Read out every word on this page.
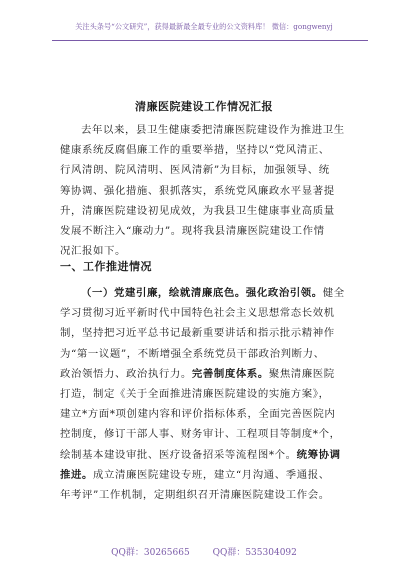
关注头条号“公文研究”，获得最新最全最专业的公文资料库！ 微信：gongwenyj
清廉医院建设工作情况汇报
去年以来，县卫生健康委把清廉医院建设作为推进卫生
健康系统反腐倡廉工作的重要举措，坚持以“党风清正、
行风清朗、院风清明、医风清新”为目标，加强领导、统
筹协调、强化措施、狠抓落实，系统党风廉政水平显著提
升，清廉医院建设初见成效，为我县卫生健康事业高质量
发展不断注入“廉动力”。现将我县清廉医院建设工作情
况汇报如下。
一、工作推进情况
（一）党建引廉，绘就清廉底色。强化政治引领。健全
学习贯彻习近平新时代中国特色社会主义思想常态长效机
制，坚持把习近平总书记最新重要讲话和指示批示精神作
为“第一议题”，不断增强全系统党员干部政治判断力、
政治领悟力、政治执行力。完善制度体系。聚焦清廉医院
打造，制定《关于全面推进清廉医院建设的实施方案》，
建立*方面*项创建内容和评价指标体系，全面完善医院内
控制度，修订干部人事、财务审计、工程项目等制度*个，
绘制基本建设审批、医疗设备招采等流程图*个。统筹协调
推进。成立清廉医院建设专班，建立“月沟通、季通报、
年考评”工作机制，定期组织召开清廉医院建设工作会。
QQ群：30265665	QQ群：535304092
